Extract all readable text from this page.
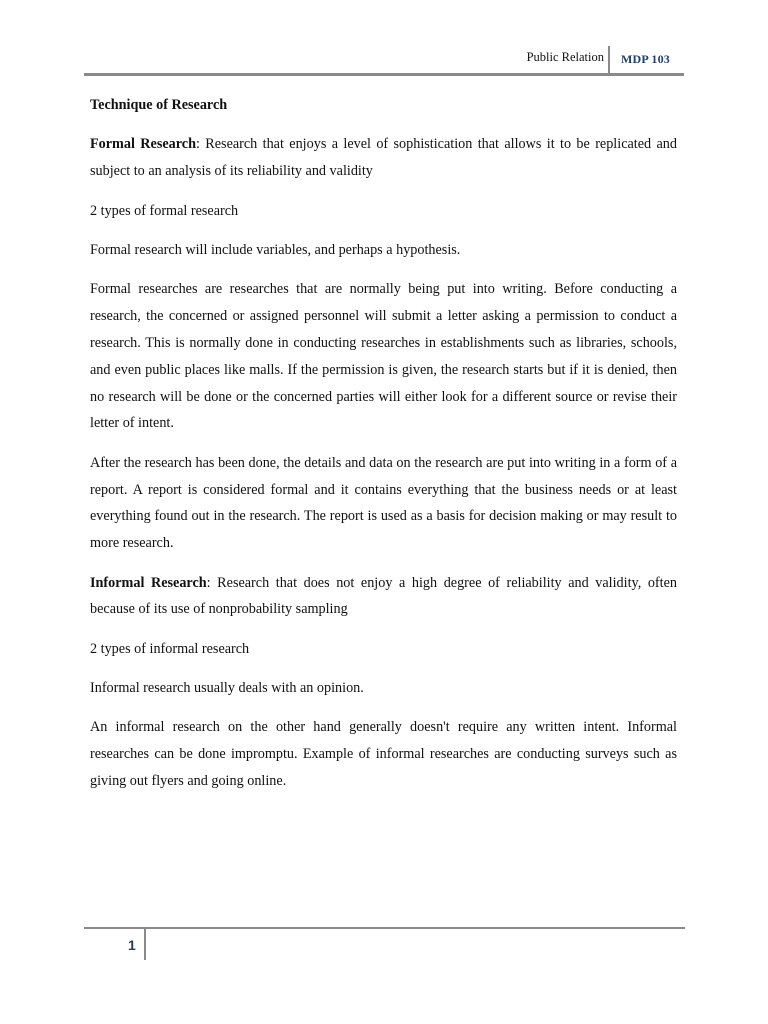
Public Relation MDP 103

Technique of Research

Formal Research: Research that enjoys a level of sophistication that allows it to be replicated and subject to an analysis of its reliability and validity

2 types of formal research

Formal research will include variables, and perhaps a hypothesis.

Formal researches are researches that are normally being put into writing. Before conducting a research, the concerned or assigned personnel will submit a letter asking a permission to conduct a research. This is normally done in conducting researches in establishments such as libraries, schools, and even public places like malls. If the permission is given, the research starts but if it is denied, then no research will be done or the concerned parties will either look for a different source or revise their letter of intent.

After the research has been done, the details and data on the research are put into writing in a form of a report. A report is considered formal and it contains everything that the business needs or at least everything found out in the research. The report is used as a basis for decision making or may result to more research.

Informal Research: Research that does not enjoy a high degree of reliability and validity, often because of its use of nonprobability sampling

2 types of informal research

Informal research usually deals with an opinion.

An informal research on the other hand generally doesn't require any written intent. Informal researches can be done impromptu. Example of informal researches are conducting surveys such as giving out flyers and going online.

1
